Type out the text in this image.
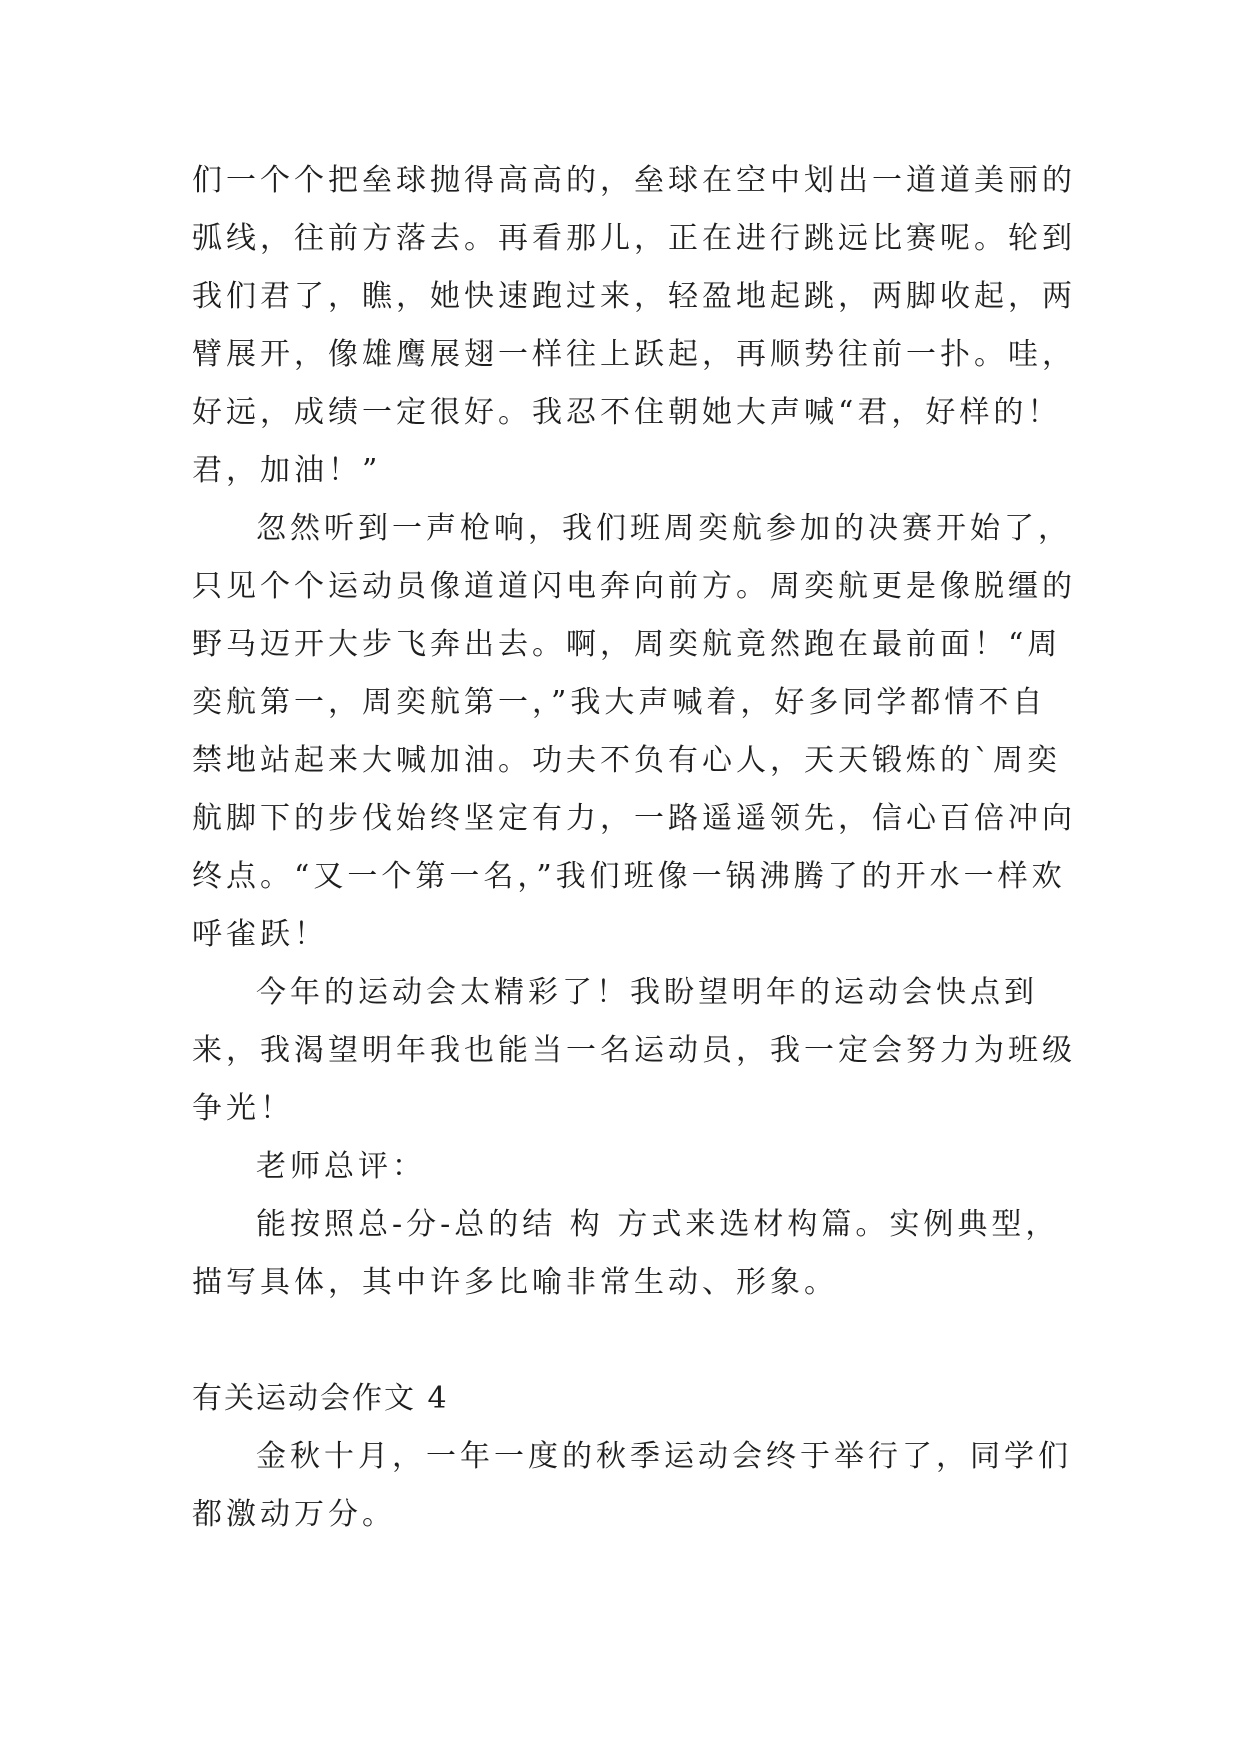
们一个个把垒球抛得高高的，垒球在空中划出一道道美丽的
弧线，往前方落去。再看那儿，正在进行跳远比赛呢。轮到
我们君了，瞧，她快速跑过来，轻盈地起跳，两脚收起，两
臂展开，像雄鹰展翅一样往上跃起，再顺势往前一扑。哇，
好远，成绩一定很好。我忍不住朝她大声喊“君，好样的！
君，加油！”
忽然听到一声枪响，我们班周奕航参加的决赛开始了，
只见个个运动员像道道闪电奔向前方。周奕航更是像脱缰的
野马迈开大步飞奔出去。啊，周奕航竟然跑在最前面！“周
奕航第一，周奕航第一，”我大声喊着，好多同学都情不自
禁地站起来大喊加油。功夫不负有心人，天天锻炼的`周奕
航脚下的步伐始终坚定有力，一路遥遥领先，信心百倍冲向
终点。“又一个第一名，”我们班像一锅沸腾了的开水一样欢
呼雀跃！
今年的运动会太精彩了！我盼望明年的运动会快点到
来，我渴望明年我也能当一名运动员，我一定会努力为班级
争光！
老师总评：
能按照总-分-总的结 构 方式来选材构篇。实例典型，
描写具体，其中许多比喻非常生动、形象。
有关运动会作文 4
金秋十月，一年一度的秋季运动会终于举行了，同学们
都激动万分。
